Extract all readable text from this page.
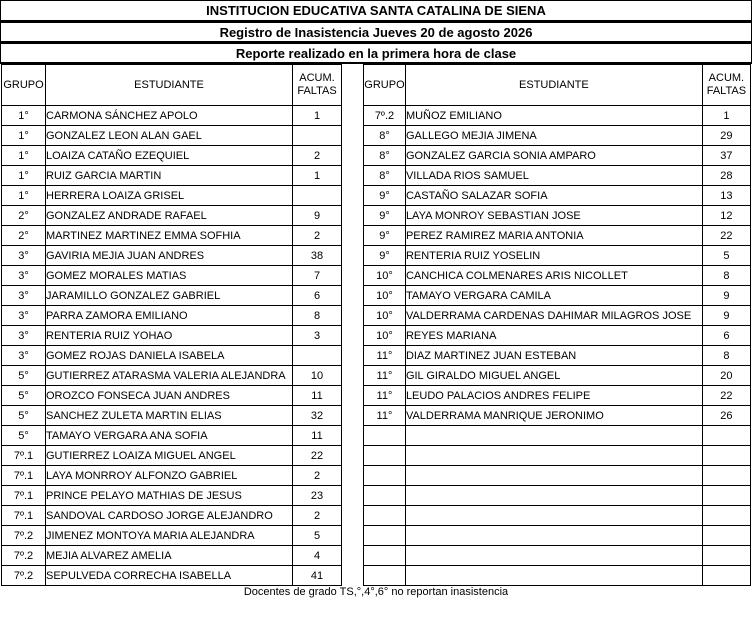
INSTITUCION EDUCATIVA SANTA CATALINA DE SIENA
Registro de Inasistencia Jueves 20 de agosto 2026
Reporte realizado en la primera hora de clase
GRUPO	ESTUDIANTE	ACUM.
FALTAS
1°	CARMONA SÁNCHEZ APOLO	1
1°	GONZALEZ LEON ALAN GAEL	
1°	LOAIZA CATAÑO EZEQUIEL	2
1°	RUIZ GARCIA MARTIN	1
1°	HERRERA LOAIZA GRISEL	
2°	GONZALEZ ANDRADE RAFAEL	9
2°	MARTINEZ MARTINEZ EMMA SOFHIA	2
3°	GAVIRIA MEJIA JUAN ANDRES	38
3°	GOMEZ MORALES MATIAS	7
3°	JARAMILLO GONZALEZ GABRIEL	6
3°	PARRA ZAMORA EMILIANO	8
3°	RENTERIA RUIZ YOHAO	3
3°	GOMEZ ROJAS DANIELA ISABELA	
5°	GUTIERREZ ATARASMA VALERIA ALEJANDRA	10
5°	OROZCO FONSECA JUAN ANDRES	11
5°	SANCHEZ ZULETA MARTIN ELIAS	32
5°	TAMAYO VERGARA ANA SOFIA	11
7º.1	GUTIERREZ LOAIZA MIGUEL ANGEL	22
7º.1	LAYA MONRROY ALFONZO GABRIEL	2
7º.1	PRINCE PELAYO MATHIAS DE JESUS	23
7º.1	SANDOVAL CARDOSO JORGE ALEJANDRO	2
7º.2	JIMENEZ MONTOYA MARIA ALEJANDRA	5
7º.2	MEJIA ALVAREZ AMELIA	4
7º.2	SEPULVEDA CORRECHA ISABELLA	41
GRUPO	ESTUDIANTE	ACUM.
FALTAS
7º.2	MUÑOZ EMILIANO	1
8°	GALLEGO MEJIA JIMENA	29
8°	GONZALEZ GARCIA SONIA AMPARO	37
8°	VILLADA RIOS SAMUEL	28
9°	CASTAÑO SALAZAR SOFIA	13
9°	LAYA MONROY SEBASTIAN JOSE	12
9°	PEREZ RAMIREZ MARIA ANTONIA	22
9°	RENTERIA RUIZ YOSELIN	5
10°	CANCHICA COLMENARES ARIS NICOLLET	8
10°	TAMAYO VERGARA CAMILA	9
10°	VALDERRAMA CARDENAS DAHIMAR MILAGROS JOSE	9
10°	REYES MARIANA	6
11°	DIAZ MARTINEZ JUAN ESTEBAN	8
11°	GIL GIRALDO MIGUEL ANGEL	20
11°	LEUDO PALACIOS ANDRES FELIPE	22
11°	VALDERRAMA MANRIQUE JERONIMO	26

Docentes de grado TS,°,4°,6° no reportan inasistencia
